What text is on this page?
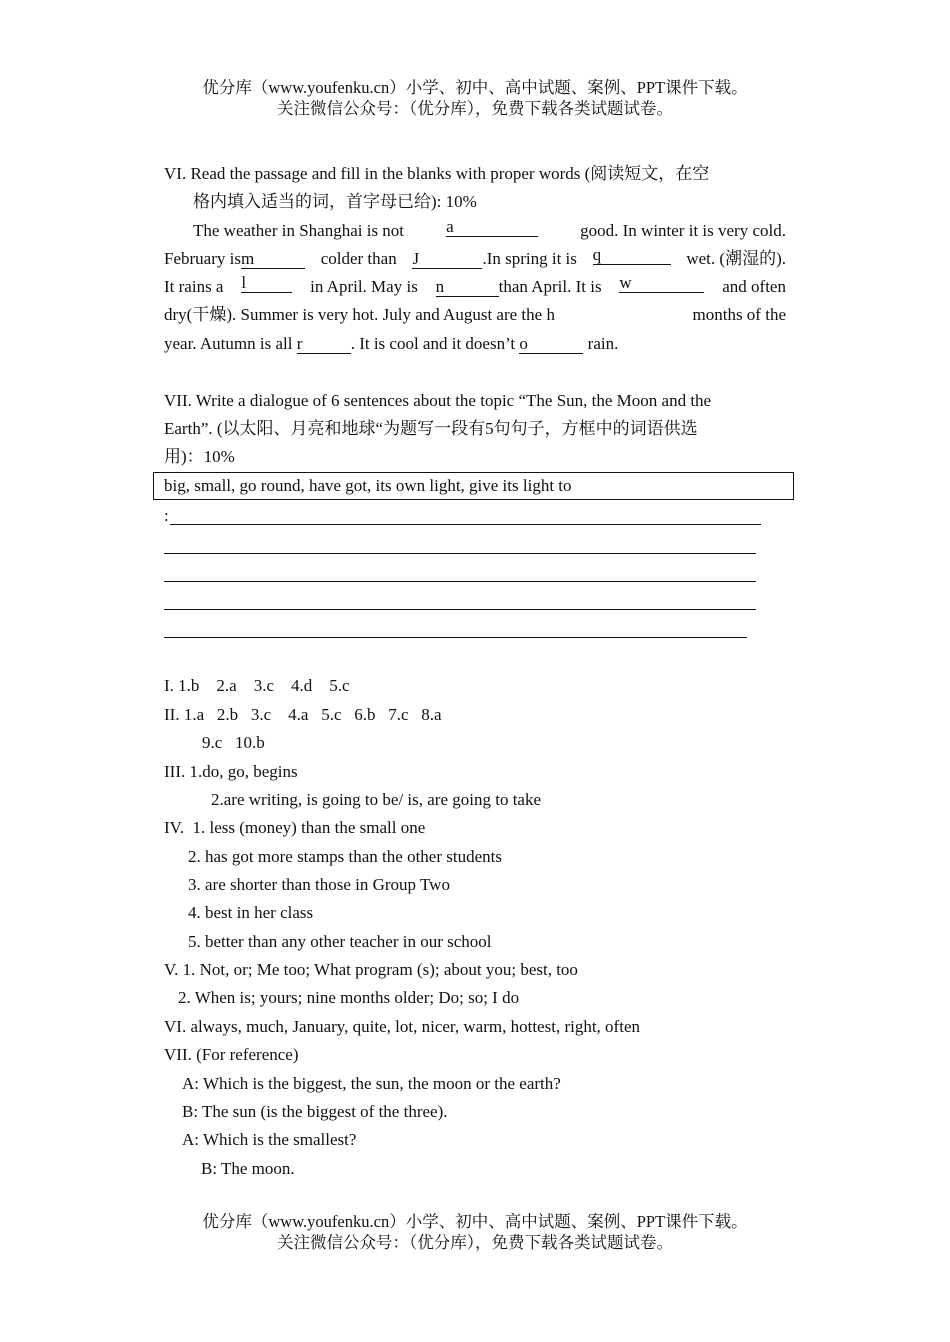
优分库（www.youfenku.cn）小学、初中、高中试题、案例、PPT课件下载。
关注微信公众号：（优分库），免费下载各类试题试卷。
VI. Read the passage and fill in the blanks with proper words (阅读短文，在空
格内填入适当的词，首字母已给): 10%
The weather in Shanghai is not a	good. In winter it is very cold.
February ism	colder than J	.In spring it is q	wet. (潮湿的).
It rains a l	in April. May is n	than April. It is w	and often
dry(干燥). Summer is very hot. July and August are the h	months of the
year. Autumn is all r	. It is cool and it doesn’t o	rain.
VII. Write a dialogue of 6 sentences about the topic “The Sun, the Moon and the
Earth”. (以太阳、月亮和地球“为题写一段有5句句子，方框中的词语供选
用)：10%
big, small, go round, have got, its own light, give its light to
:
I. 1.b    2.a    3.c    4.d    5.c
II. 1.a   2.b   3.c    4.a   5.c   6.b   7.c   8.a
9.c   10.b
III. 1.do, go, begins
2.are writing, is going to be/ is, are going to take
IV.  1. less (money) than the small one
2. has got more stamps than the other students
3. are shorter than those in Group Two
4. best in her class
5. better than any other teacher in our school
V. 1. Not, or; Me too; What program (s); about you; best, too
2. When is; yours; nine months older; Do; so; I do
VI. always, much, January, quite, lot, nicer, warm, hottest, right, often
VII. (For reference)
A: Which is the biggest, the sun, the moon or the earth?
B: The sun (is the biggest of the three).
A: Which is the smallest?
B: The moon.
优分库（www.youfenku.cn）小学、初中、高中试题、案例、PPT课件下载。
关注微信公众号：（优分库），免费下载各类试题试卷。
